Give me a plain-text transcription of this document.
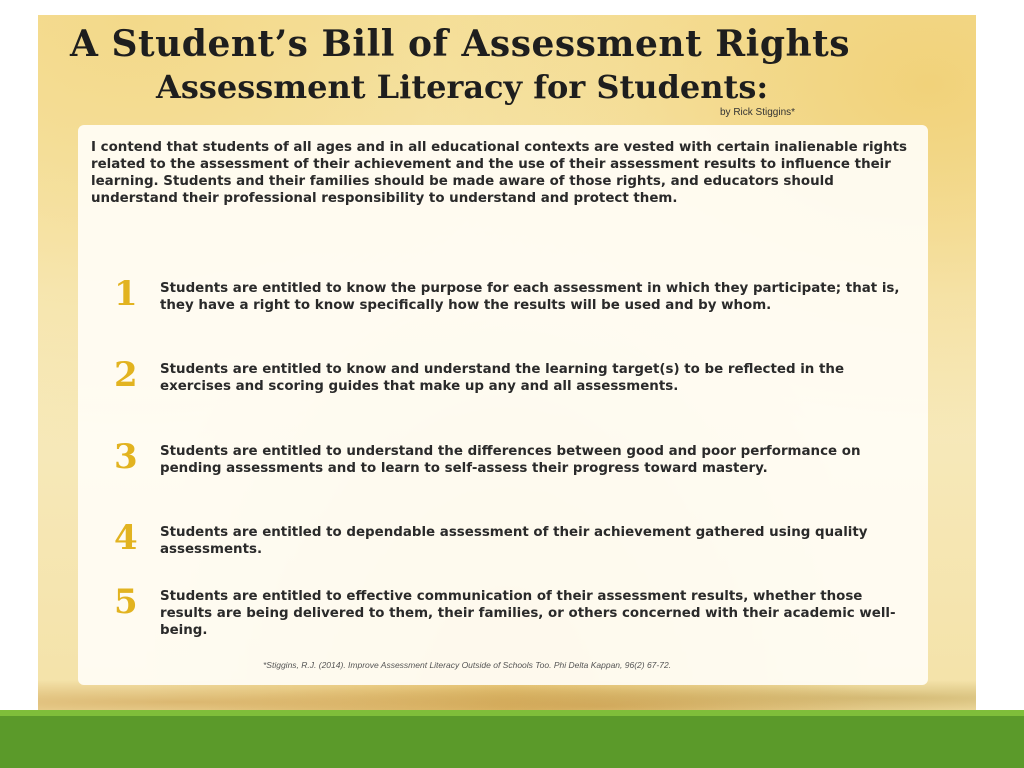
A Student’s Bill of Assessment Rights
Assessment Literacy for Students:
by Rick Stiggins*
I contend that students of all ages and in all educational contexts are vested with certain inalienable rights related to the assessment of their achievement and the use of their assessment results to influence their learning. Students and their families should be made aware of those rights, and educators should understand their professional responsibility to understand and protect them.
1	Students are entitled to know the purpose for each assessment in which they participate; that is, they have a right to know specifically how the results will be used and by whom.
2	Students are entitled to know and understand the learning target(s) to be reflected in the exercises and scoring guides that make up any and all assessments.
3	Students are entitled to understand the differences between good and poor performance on pending assessments and to learn to self-assess their progress toward mastery.
4	Students are entitled to dependable assessment of their achievement gathered using quality assessments.
5	Students are entitled to effective communication of their assessment results, whether those results are being delivered to them, their families, or others concerned with their academic well-being.
*Stiggins, R.J. (2014). Improve Assessment Literacy Outside of Schools Too. Phi Delta Kappan, 96(2) 67-72.
